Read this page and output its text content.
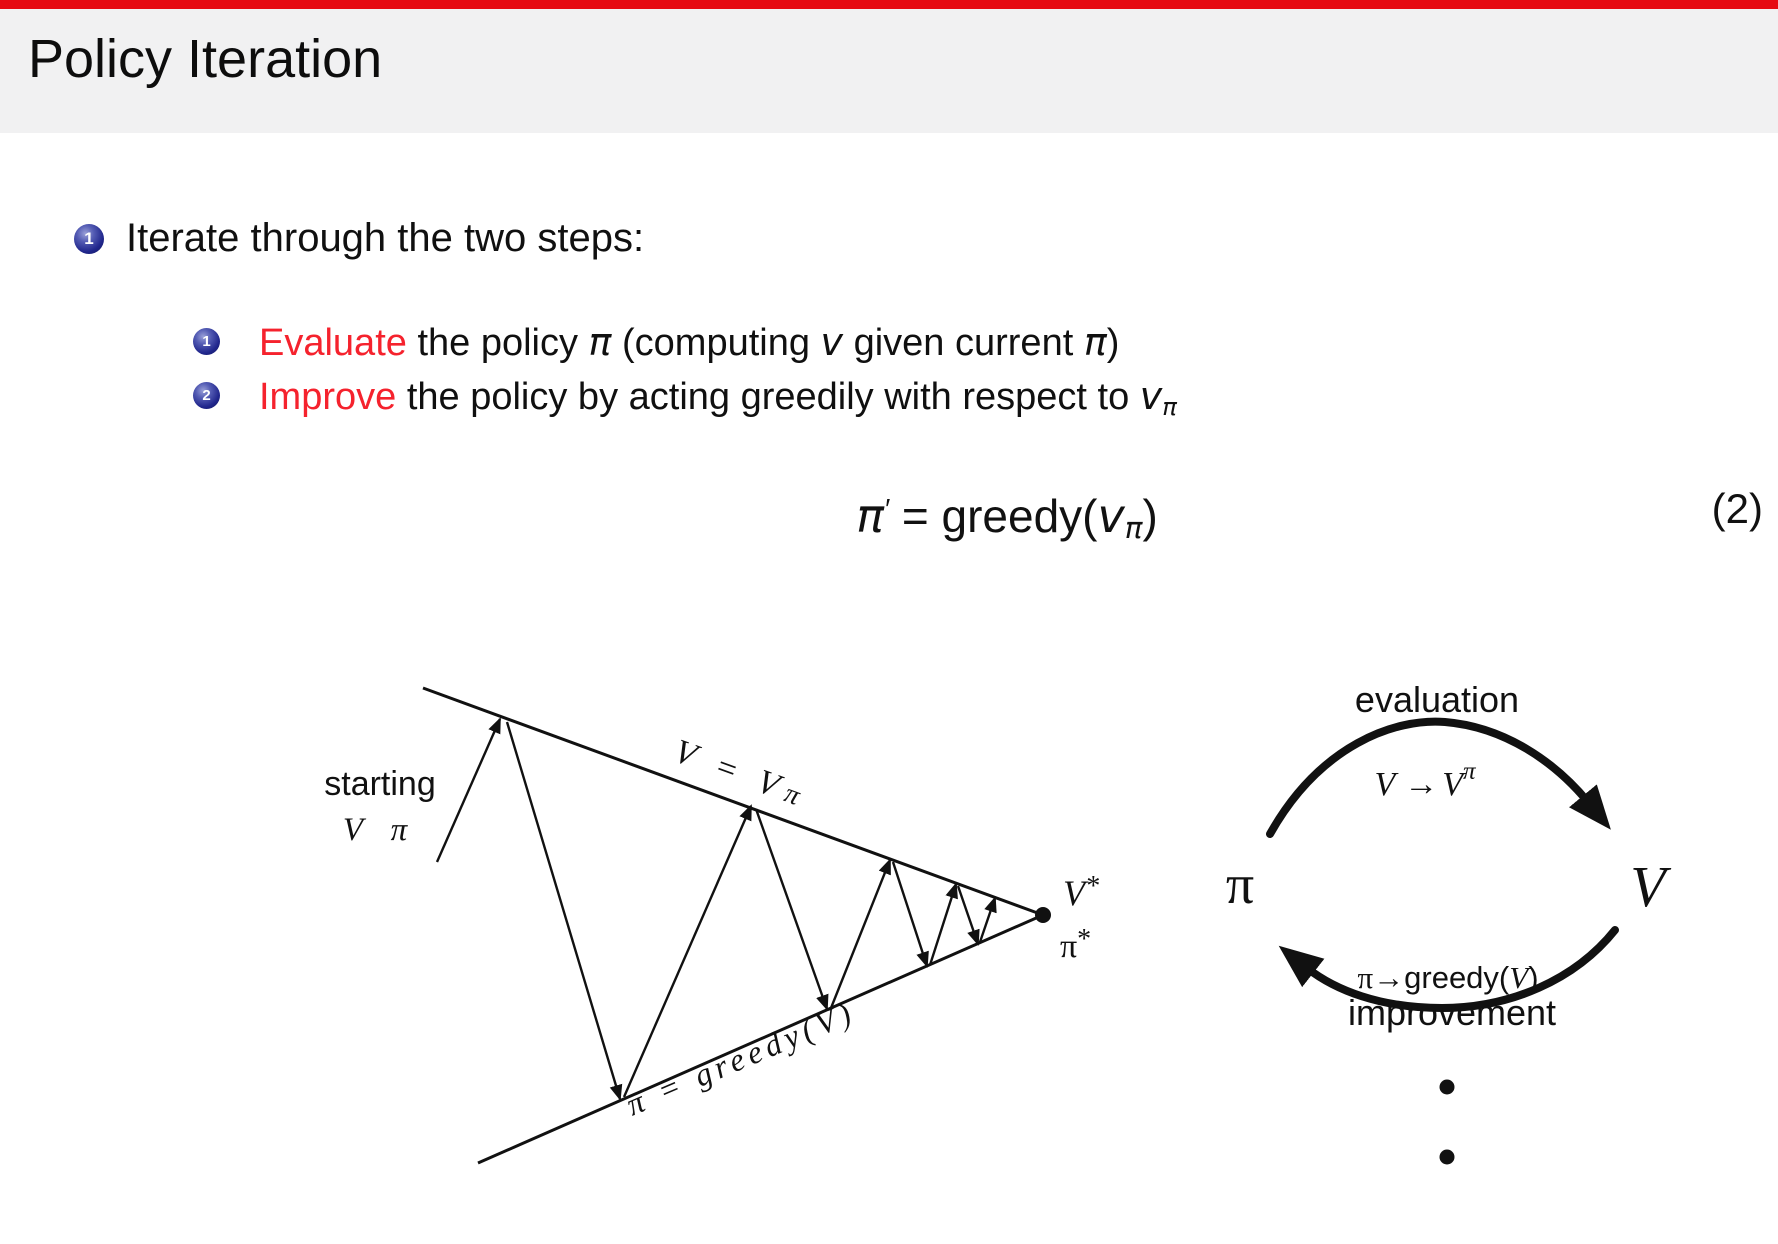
Policy Iteration
1 Iterate through the two steps:
1 Evaluate the policy π (computing v given current π)
2 Improve the policy by acting greedily with respect to vπ
π′ = greedy(vπ)	(2)
V = Vπ
starting
V π
V*
π*
π = greedy(V)
evaluation
$V \to V^\pi$
π	V
π→greedy(V)
improvement
